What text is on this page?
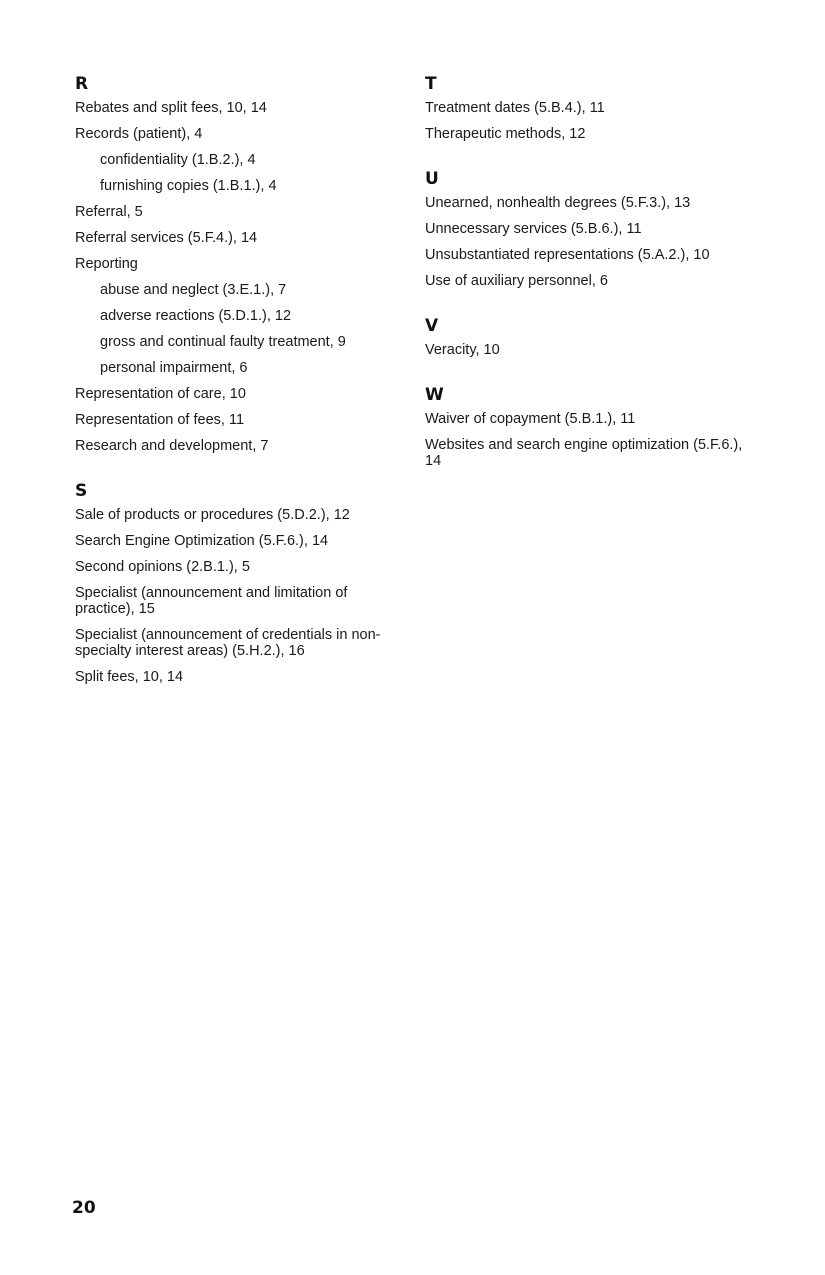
R
Rebates and split fees, 10, 14
Records (patient), 4
confidentiality (1.B.2.), 4
furnishing copies (1.B.1.), 4
Referral, 5
Referral services (5.F.4.), 14
Reporting
abuse and neglect (3.E.1.), 7
adverse reactions (5.D.1.), 12
gross and continual faulty treatment, 9
personal impairment, 6
Representation of care, 10
Representation of fees, 11
Research and development, 7
S
Sale of products or procedures (5.D.2.), 12
Search Engine Optimization (5.F.6.), 14
Second opinions (2.B.1.), 5
Specialist (announcement and limitation of practice), 15
Specialist (announcement of credentials in non-specialty interest areas) (5.H.2.), 16
Split fees, 10, 14
T
Treatment dates (5.B.4.), 11
Therapeutic methods, 12
U
Unearned, nonhealth degrees (5.F.3.), 13
Unnecessary services (5.B.6.), 11
Unsubstantiated representations (5.A.2.), 10
Use of auxiliary personnel, 6
V
Veracity, 10
W
Waiver of copayment (5.B.1.), 11
Websites and search engine optimization (5.F.6.), 14
20
